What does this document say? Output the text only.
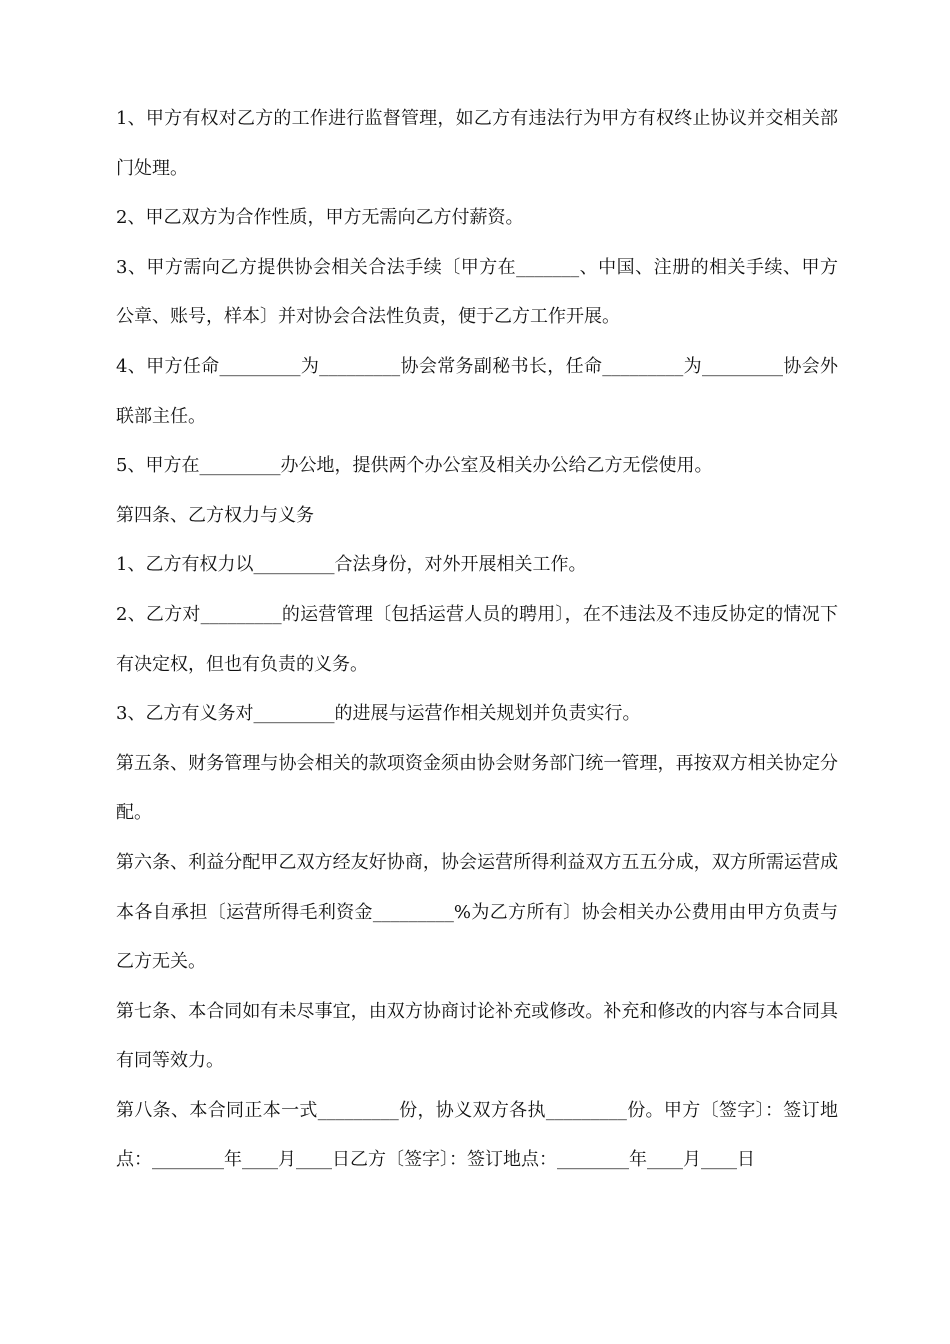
1、甲方有权对乙方的工作进行监督管理，如乙方有违法行为甲方有权终止协议并交相关部门处理。

2、甲乙双方为合作性质，甲方无需向乙方付薪资。

3、甲方需向乙方提供协会相关合法手续〔甲方在_______、中国、注册的相关手续、甲方公章、账号，样本〕并对协会合法性负责，便于乙方工作开展。

4、甲方任命_________为_________协会常务副秘书长，任命_________为_________协会外联部主任。

5、甲方在_________办公地，提供两个办公室及相关办公给乙方无偿使用。

第四条、乙方权力与义务

1、乙方有权力以_________合法身份，对外开展相关工作。

2、乙方对_________的运营管理〔包括运营人员的聘用〕，在不违法及不违反协定的情况下有决定权，但也有负责的义务。

3、乙方有义务对_________的进展与运营作相关规划并负责实行。

第五条、财务管理与协会相关的款项资金须由协会财务部门统一管理，再按双方相关协定分配。

第六条、利益分配甲乙双方经友好协商，协会运营所得利益双方五五分成，双方所需运营成本各自承担〔运营所得毛利资金_________%为乙方所有〕协会相关办公费用由甲方负责与乙方无关。

第七条、本合同如有未尽事宜，由双方协商讨论补充或修改。补充和修改的内容与本合同具有同等效力。

第八条、本合同正本一式_________份，协义双方各执_________份。甲方〔签字〕：签订地点：________年____月____日乙方〔签字〕：签订地点：________年____月____日
